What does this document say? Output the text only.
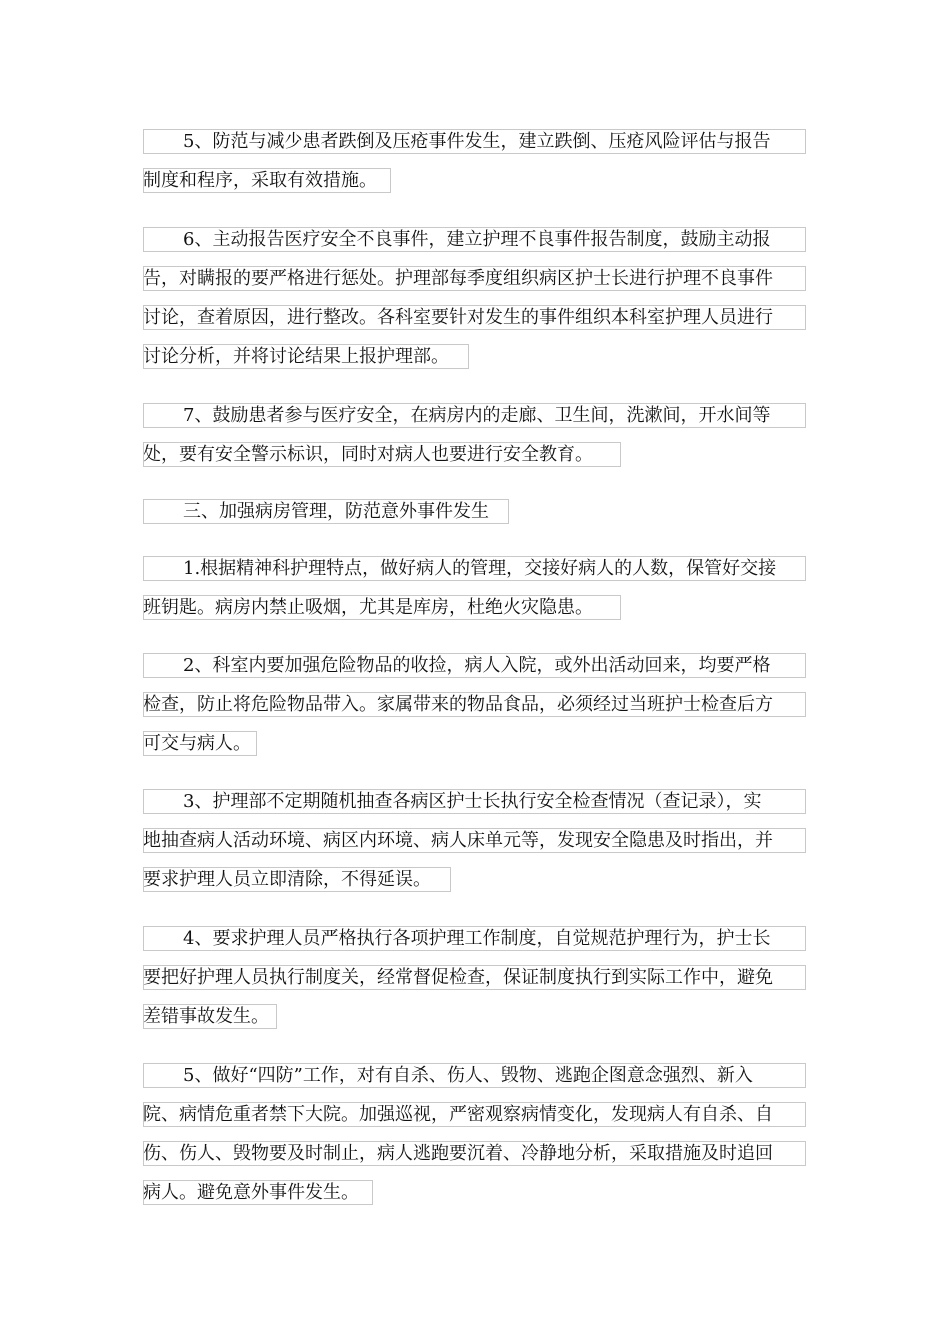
5、防范与减少患者跌倒及压疮事件发生，建立跌倒、压疮风险评估与报告
制度和程序，采取有效措施。
6、主动报告医疗安全不良事件，建立护理不良事件报告制度，鼓励主动报
告，对瞒报的要严格进行惩处。护理部每季度组织病区护士长进行护理不良事件
讨论，查着原因，进行整改。各科室要针对发生的事件组织本科室护理人员进行
讨论分析，并将讨论结果上报护理部。
7、鼓励患者参与医疗安全，在病房内的走廊、卫生间，洗漱间，开水间等
处，要有安全警示标识，同时对病人也要进行安全教育。
三、加强病房管理，防范意外事件发生
1.根据精神科护理特点，做好病人的管理，交接好病人的人数，保管好交接
班钥匙。病房内禁止吸烟，尤其是库房，杜绝火灾隐患。
2、科室内要加强危险物品的收捡，病人入院，或外出活动回来，均要严格
检查，防止将危险物品带入。家属带来的物品食品，必须经过当班护士检查后方
可交与病人。
3、护理部不定期随机抽查各病区护士长执行安全检查情况（查记录），实
地抽查病人活动环境、病区内环境、病人床单元等，发现安全隐患及时指出，并
要求护理人员立即清除，不得延误。
4、要求护理人员严格执行各项护理工作制度，自觉规范护理行为，护士长
要把好护理人员执行制度关，经常督促检查，保证制度执行到实际工作中，避免
差错事故发生。
5、做好“四防”工作，对有自杀、伤人、毁物、逃跑企图意念强烈、新入
院、病情危重者禁下大院。加强巡视，严密观察病情变化，发现病人有自杀、自
伤、伤人、毁物要及时制止，病人逃跑要沉着、冷静地分析，采取措施及时追回
病人。避免意外事件发生。
